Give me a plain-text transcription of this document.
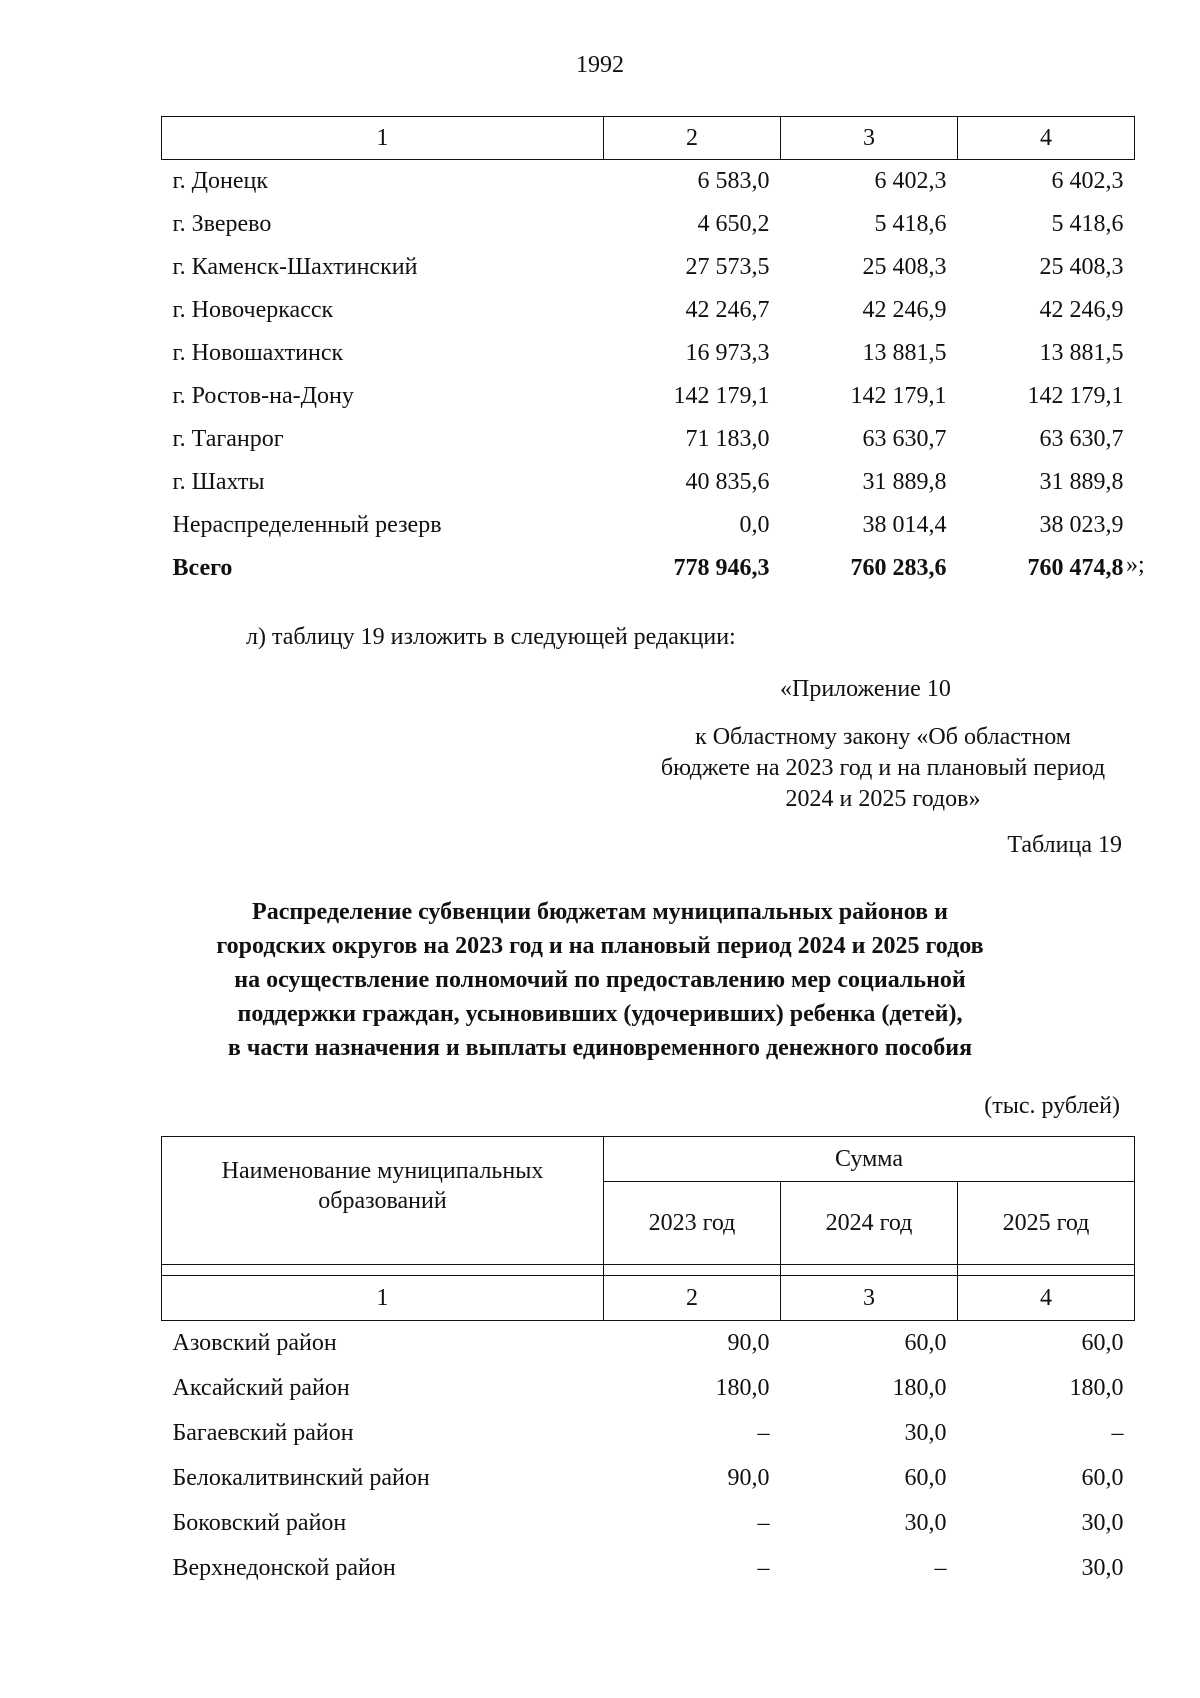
1992
1	2	3	4
г. Донецк	6 583,0	6 402,3	6 402,3
г. Зверево	4 650,2	5 418,6	5 418,6
г. Каменск-Шахтинский	27 573,5	25 408,3	25 408,3
г. Новочеркасск	42 246,7	42 246,9	42 246,9
г. Новошахтинск	16 973,3	13 881,5	13 881,5
г. Ростов-на-Дону	142 179,1	142 179,1	142 179,1
г. Таганрог	71 183,0	63 630,7	63 630,7
г. Шахты	40 835,6	31 889,8	31 889,8
Нераспределенный резерв	0,0	38 014,4	38 023,9
Всего	778 946,3	760 283,6	760 474,8 »;
л) таблицу 19 изложить в следующей редакции:
«Приложение 10
к Областному закону «Об областном бюджете на 2023 год и на плановый период 2024 и 2025 годов»
Таблица 19
Распределение субвенции бюджетам муниципальных районов и
городских округов на 2023 год и на плановый период 2024 и 2025 годов
на осуществление полномочий по предоставлению мер социальной
поддержки граждан, усыновивших (удочеривших) ребенка (детей),
в части назначения и выплаты единовременного денежного пособия
(тыс. рублей)
Наименование муниципальных образований	Сумма		
	2023 год	2024 год	2025 год

1	2	3	4
Азовский район	90,0	60,0	60,0
Аксайский район	180,0	180,0	180,0
Багаевский район	–	30,0	–
Белокалитвинский район	90,0	60,0	60,0
Боковский район	–	30,0	30,0
Верхнедонской район	–	–	30,0
